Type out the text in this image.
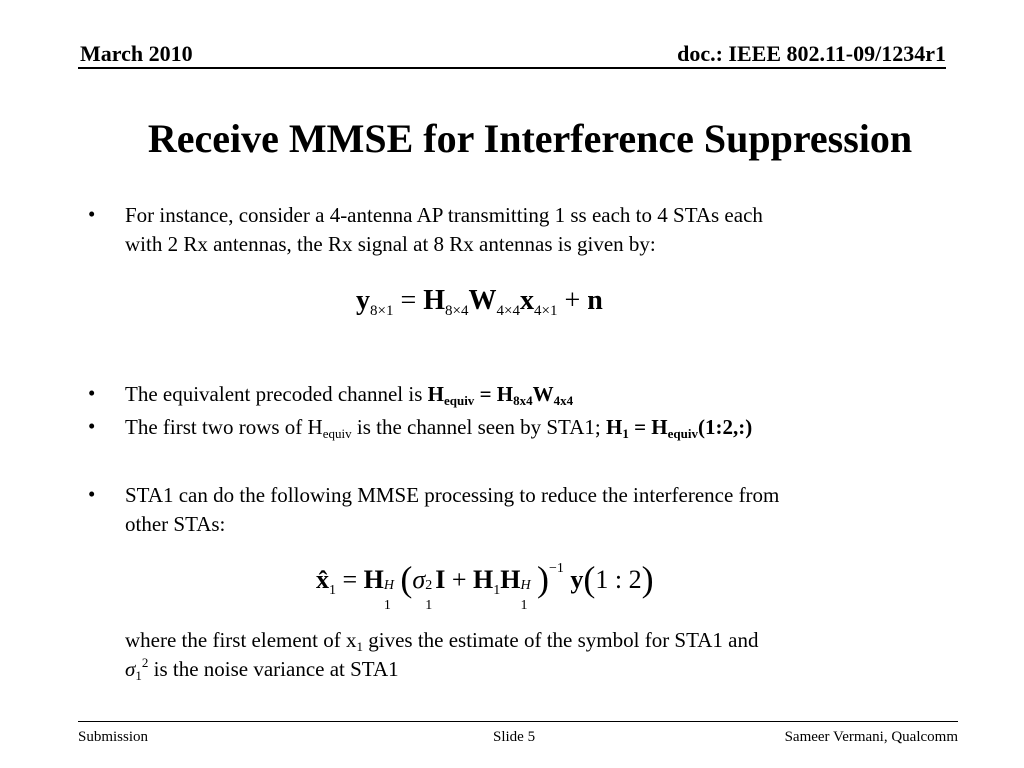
March 2010	doc.: IEEE 802.11-09/1234r1
Receive MMSE for Interference Suppression
• For instance, consider a 4-antenna AP transmitting 1 ss each to 4 STAs each
with 2 Rx antennas, the Rx signal at 8 Rx antennas is given by:
$y_{8\times 1} = H_{8\times 4}W_{4\times 4}x_{4\times 1} + n$
• The equivalent precoded channel is $H_{equiv} = H_{8x4}W_{4x4}$
• The first two rows of $H_{equiv}$ is the channel seen by STA1; $H_1$ = $H_{equiv}(1:2,:)$
• STA1 can do the following MMSE processing to reduce the interference from
other STAs:
$x̂_1 = H$ H
1
(σ 2
1
$I + H_1H$ H
1
)$^{-1}$ y(1 : 2)
where the first element of $x_1$ gives the estimate of the symbol for STA1 and
$\sigma_1^2$ is the noise variance at STA1
Submission	Slide 5	Sameer Vermani, Qualcomm
